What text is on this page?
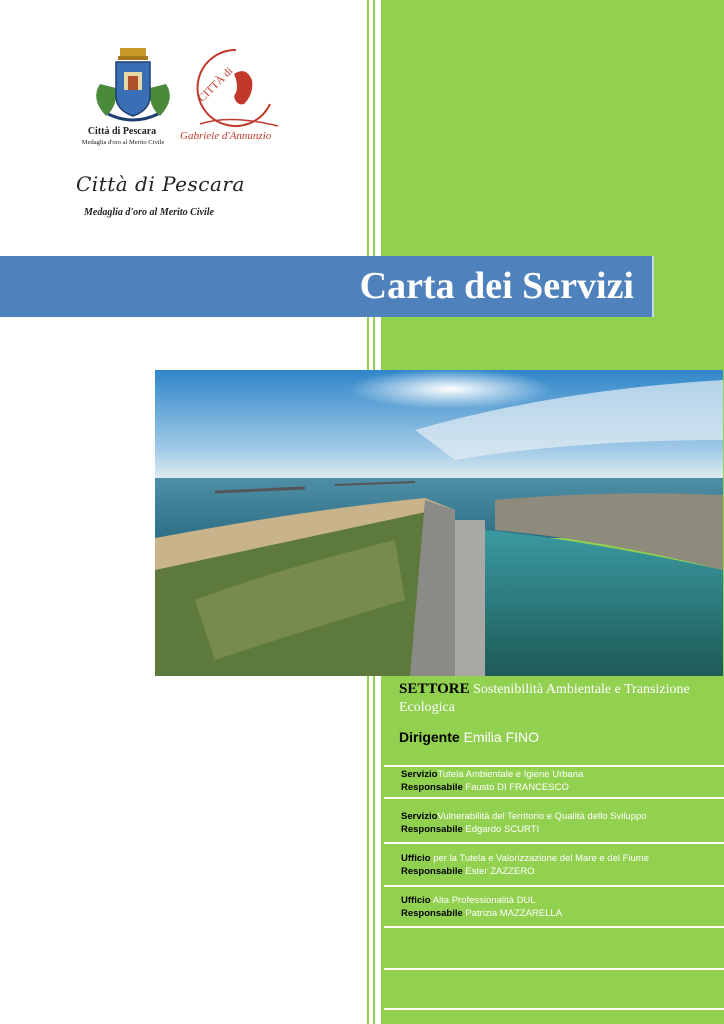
Città di Pescara
Medaglia d'oro al Merito Civile
CITTÀ di
Gabriele d'Annunzio
Città di Pescara
Medaglia d'oro al Merito Civile
Carta dei Servizi

SETTORE Sostenibilità Ambientale e Transizione Ecologica

Dirigente Emilia FINO
ServizioTutela Ambientale e Igiene Urbana
Responsabile Fausto DI FRANCESCO
ServizioVulnerabilità del Territorio e Qualità dello Sviluppo
Responsabile Edgardo SCURTI
Ufficio per la Tutela e Valorizzazione del Mare e del Fiume
Responsabile Ester ZAZZERO
Ufficio Alta Professionalità DUL
Responsabile Patrizia MAZZARELLA
